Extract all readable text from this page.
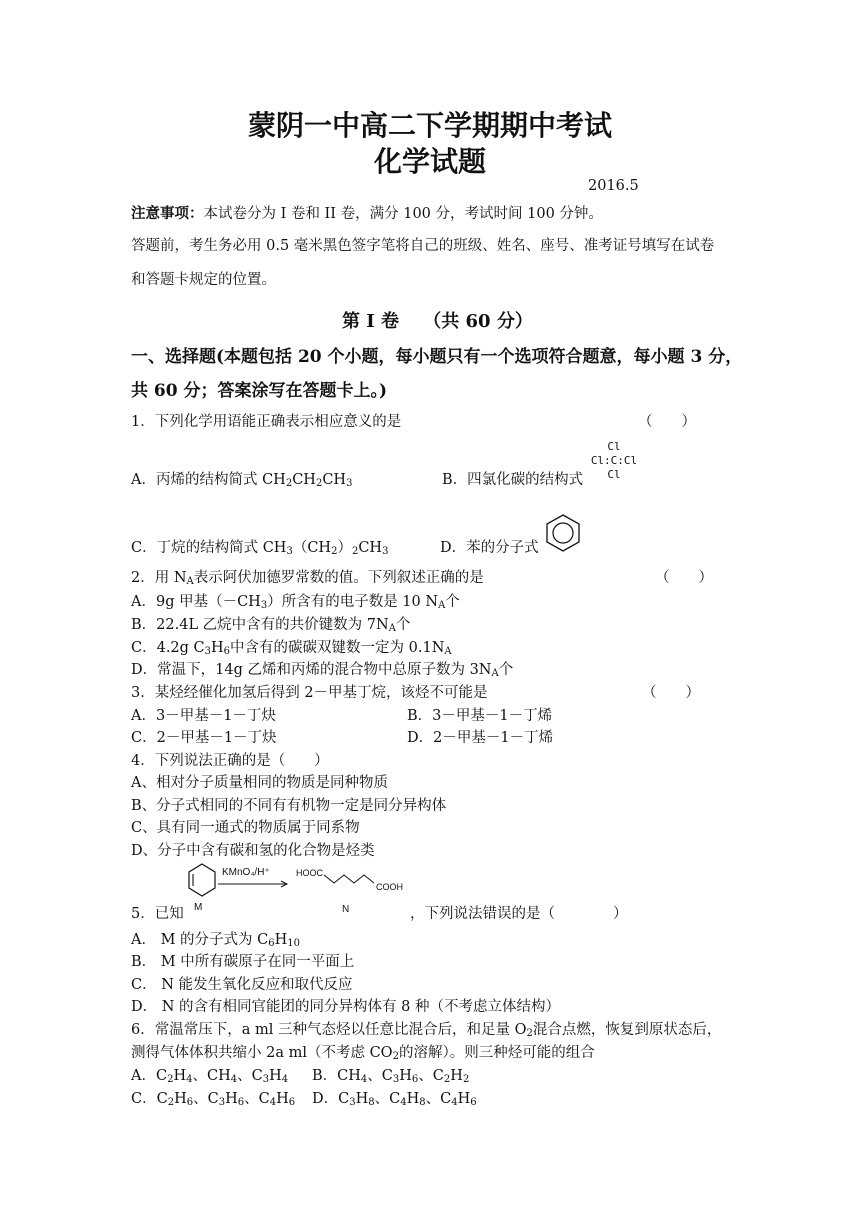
蒙阴一中高二下学期期中考试
化学试题
2016.5
注意事项：本试卷分为 I 卷和 II 卷，满分 100 分，考试时间 100 分钟。
答题前，考生务必用 0.5 毫米黑色签字笔将自己的班级、姓名、座号、准考证号填写在试卷
和答题卡规定的位置。
第 I 卷 （共 60 分）
一、选择题(本题包括 20 个小题，每小题只有一个选项符合题意，每小题 3 分，
共 60 分；答案涂写在答题卡上。)
1．下列化学用语能正确表示相应意义的是	（　　）
A．丙烯的结构简式 $CH_2CH_2CH_3$	B．四氯化碳的结构式
Cl
Cl:C:Cl
Cl
C．丁烷的结构简式 $CH_3(CH_2)_2CH_3$	D．苯的分子式
2．用 $N_A$表示阿伏加德罗常数的值。下列叙述正确的是	（　　）
A．9g 甲基$(-CH_3)$所含有的电子数是 10 $N_A$个
B．22.4L 乙烷中含有的共价键数为 $7N_A$个
C．4.2g $C_3H_6$中含有的碳碳双键数一定为 $0.1N_A$
D．常温下，14g 乙烯和丙烯的混合物中总原子数为 $3N_A$个
3．某烃经催化加氢后得到 2－甲基丁烷，该烃不可能是	（　　）
A．3－甲基－1－丁炔	B．3－甲基－1－丁烯
C．2－甲基－1－丁炔	D．2－甲基－1－丁烯
4．下列说法正确的是（　　）
A、相对分子质量相同的物质是同种物质
B、分子式相同的不同有有机物一定是同分异构体
C、具有同一通式的物质属于同系物
D、分子中含有碳和氢的化合物是烃类
KMnO₄/H⁺	HOOC
COOH
M	N
5．已知	，下列说法错误的是（　　　　）
A． M 的分子式为 $C_6H_{10}$
B． M 中所有碳原子在同一平面上
C． N 能发生氧化反应和取代反应
D． N 的含有相同官能团的同分异构体有 8 种（不考虑立体结构）
6．常温常压下，a ml 三种气态烃以任意比混合后，和足量 $O_2$混合点燃，恢复到原状态后，
测得气体体积共缩小 2a ml（不考虑 $CO_2$的溶解）。则三种烃可能的组合
A．$C_2H_4$、$CH_4$、$C_3H_4$ B．$CH_4$、$C_3H_6$、$C_2H_2$
C．$C_2H_6$、$C_3H_6$、$C_4H_6$ D．$C_3H_8$、$C_4H_8$、$C_4H_6$
